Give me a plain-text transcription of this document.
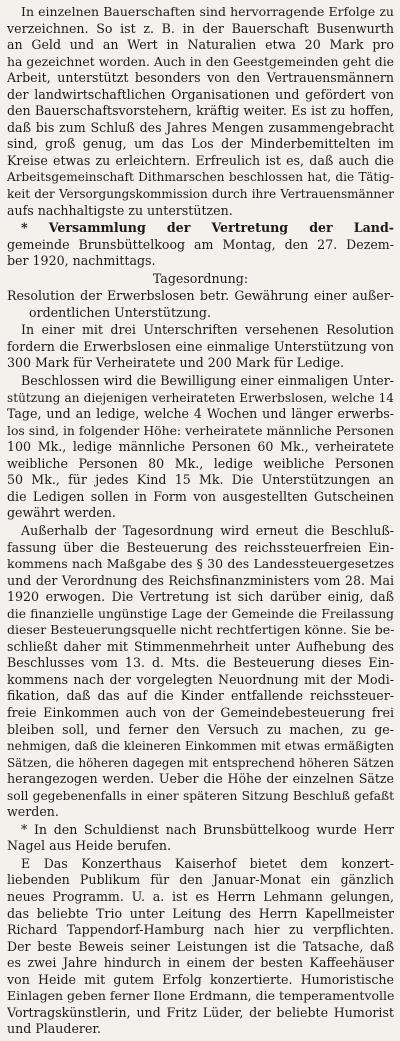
In einzelnen Bauerschaften sind hervorragende Erfolge zu
verzeichnen. So ist z. B. in der Bauerschaft Busenwurth
an Geld und an Wert in Naturalien etwa 20 Mark pro
ha gezeichnet worden. Auch in den Geestgemeinden geht die
Arbeit, unterstützt besonders von den Vertrauensmännern
der landwirtschaftlichen Organisationen und gefördert von
den Bauerschaftsvorstehern, kräftig weiter. Es ist zu hoffen,
daß bis zum Schluß des Jahres Mengen zusammengebracht
sind, groß genug, um das Los der Minderbemittelten im
Kreise etwas zu erleichtern. Erfreulich ist es, daß auch die
Arbeitsgemeinschaft Dithmarschen beschlossen hat, die Tätig-
keit der Versorgungskommission durch ihre Vertrauensmänner
aufs nachhaltigste zu unterstützen.
* Versammlung der Vertretung der Land-
gemeinde Brunsbüttelkoog am Montag, den 27. Dezem-
ber 1920, nachmittags.
Tagesordnung:
Resolution der Erwerbslosen betr. Gewährung einer außer-
ordentlichen Unterstützung.
In einer mit drei Unterschriften versehenen Resolution
fordern die Erwerbslosen eine einmalige Unterstützung von
300 Mark für Verheiratete und 200 Mark für Ledige.
Beschlossen wird die Bewilligung einer einmaligen Unter-
stützung an diejenigen verheirateten Erwerbslosen, welche 14
Tage, und an ledige, welche 4 Wochen und länger erwerbs-
los sind, in folgender Höhe: verheiratete männliche Personen
100 Mk., ledige männliche Personen 60 Mk., verheiratete
weibliche Personen 80 Mk., ledige weibliche Personen
50 Mk., für jedes Kind 15 Mk. Die Unterstützungen an
die Ledigen sollen in Form von ausgestellten Gutscheinen
gewährt werden.
Außerhalb der Tagesordnung wird erneut die Beschluß-
fassung über die Besteuerung des reichssteuerfreien Ein-
kommens nach Maßgabe des § 30 des Landessteuergesetzes
und der Verordnung des Reichsfinanzministers vom 28. Mai
1920 erwogen. Die Vertretung ist sich darüber einig, daß
die finanzielle ungünstige Lage der Gemeinde die Freilassung
dieser Besteuerungsquelle nicht rechtfertigen könne. Sie be-
schließt daher mit Stimmenmehrheit unter Aufhebung des
Beschlusses vom 13. d. Mts. die Besteuerung dieses Ein-
kommens nach der vorgelegten Neuordnung mit der Modi-
fikation, daß das auf die Kinder entfallende reichssteuer-
freie Einkommen auch von der Gemeindebesteuerung frei
bleiben soll, und ferner den Versuch zu machen, zu ge-
nehmigen, daß die kleineren Einkommen mit etwas ermäßigten
Sätzen, die höheren dagegen mit entsprechend höheren Sätzen
herangezogen werden. Ueber die Höhe der einzelnen Sätze
soll gegebenenfalls in einer späteren Sitzung Beschluß gefaßt
werden.
* In den Schuldienst nach Brunsbüttelkoog wurde Herr
Nagel aus Heide berufen.
E Das Konzerthaus Kaiserhof bietet dem konzert-
liebenden Publikum für den Januar-Monat ein gänzlich
neues Programm. U. a. ist es Herrn Lehmann gelungen,
das beliebte Trio unter Leitung des Herrn Kapellmeister
Richard Tappendorf-Hamburg nach hier zu verpflichten.
Der beste Beweis seiner Leistungen ist die Tatsache, daß
es zwei Jahre hindurch in einem der besten Kaffeehäuser
von Heide mit gutem Erfolg konzertierte. Humoristische
Einlagen geben ferner Ilone Erdmann, die temperamentvolle
Vortragskünstlerin, und Fritz Lüder, der beliebte Humorist
und Plauderer.
